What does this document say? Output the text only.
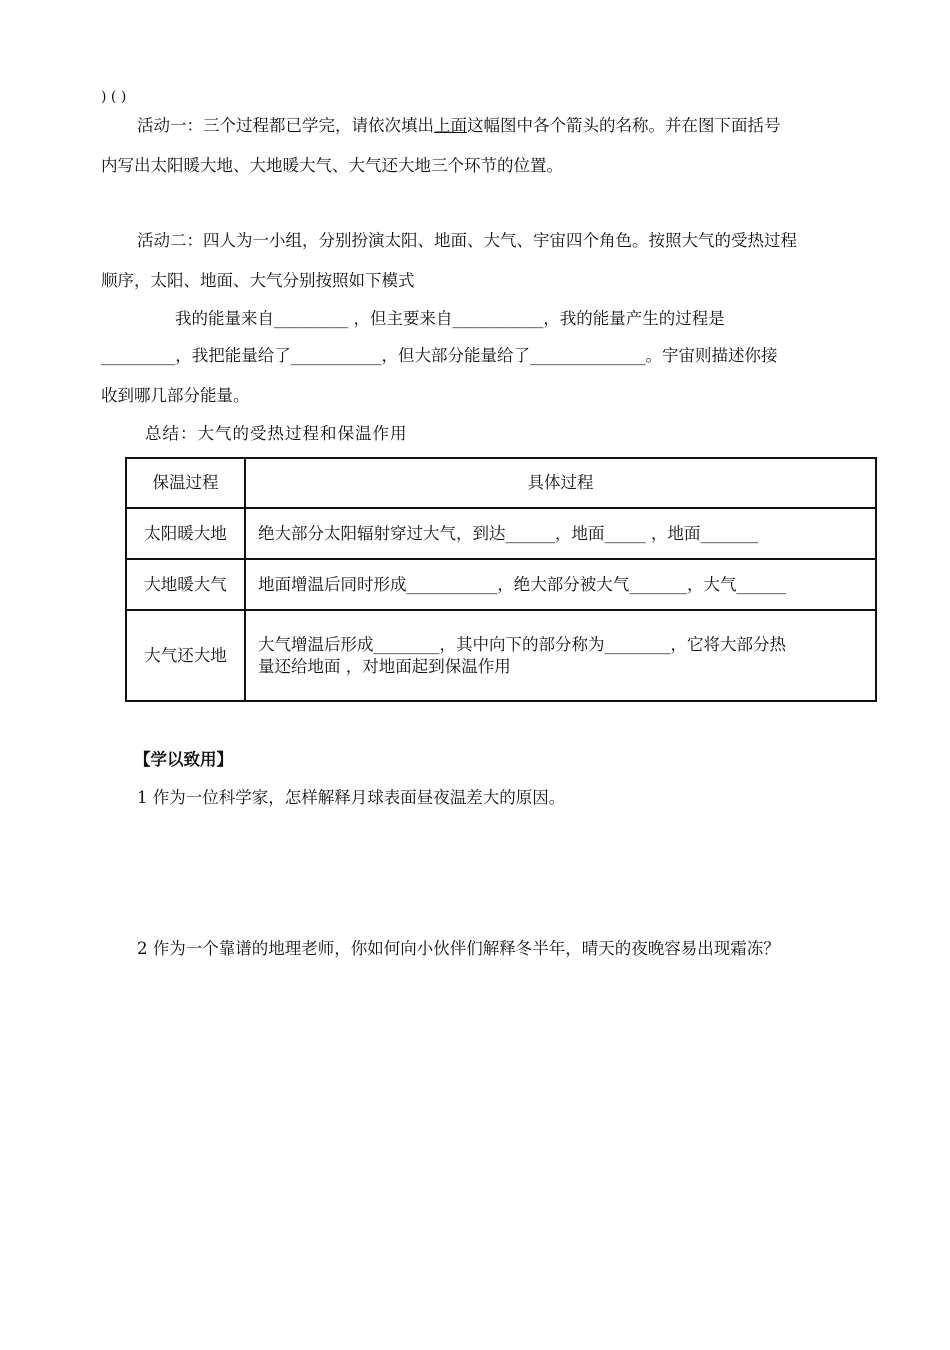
) ( )
活动一：三个过程都已学完，请依次填出上面这幅图中各个箭头的名称。并在图下面括号
内写出太阳暖大地、大地暖大气、大气还大地三个环节的位置。
活动二：四人为一小组，分别扮演太阳、地面、大气、宇宙四个角色。按照大气的受热过程
顺序，太阳、地面、大气分别按照如下模式
我的能量来自_________ ，但主要来自___________，我的能量产生的过程是
_________，我把能量给了___________，但大部分能量给了______________。宇宙则描述你接
收到哪几部分能量。
总结：大气的受热过程和保温作用
保温过程	具体过程
太阳暖大地	绝大部分太阳辐射穿过大气，到达______，地面_____ ，地面_______
大地暖大气	地面增温后同时形成___________，绝大部分被大气_______，大气______
大气还大地	大气增温后形成________，其中向下的部分称为________，它将大部分热
量还给地面 ，对地面起到保温作用
【学以致用】
1 作为一位科学家，怎样解释月球表面昼夜温差大的原因。
2 作为一个靠谱的地理老师，你如何向小伙伴们解释冬半年，晴天的夜晚容易出现霜冻？
